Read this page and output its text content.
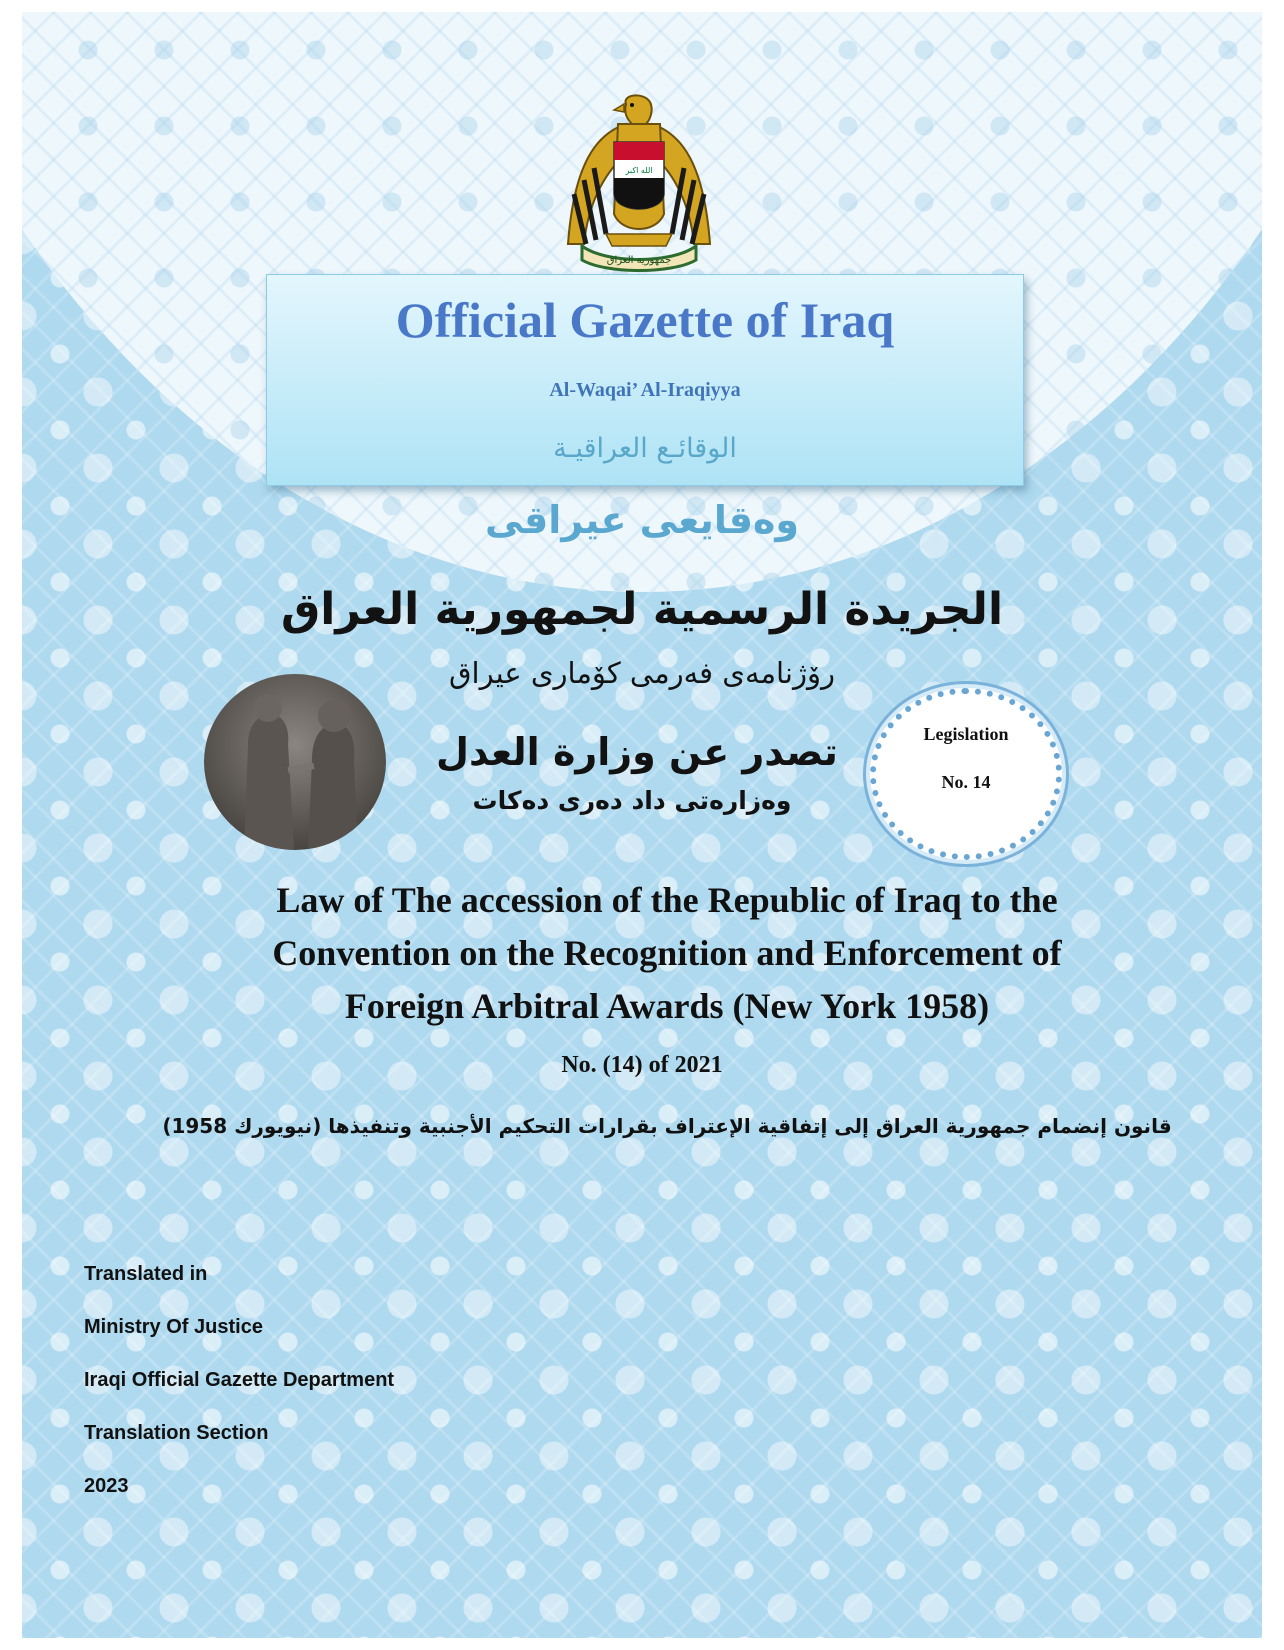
الله اكبر
جمهورية العراق
Official Gazette of Iraq
Al-Waqai’ Al-Iraqiyya
الوقائـع العراقيـة
وەقایعی عیراقی
الجريدة الرسمية لجمهورية العراق
رۆژنامەی فەرمی کۆماری عیراق
تصدر عن وزارة العدل
وەزارەتی داد دەری دەکات
Legislation
No. 14
Law of The accession of the Republic of Iraq to the
Convention on the Recognition and Enforcement of
Foreign Arbitral Awards (New York 1958)
No. (14) of 2021
قانون إنضمام جمهورية العراق إلى إتفاقية الإعتراف بقرارات التحكيم الأجنبية وتنفيذها (نيويورك 1958)
Translated in
Ministry Of Justice
Iraqi Official Gazette Department
Translation Section
2023
